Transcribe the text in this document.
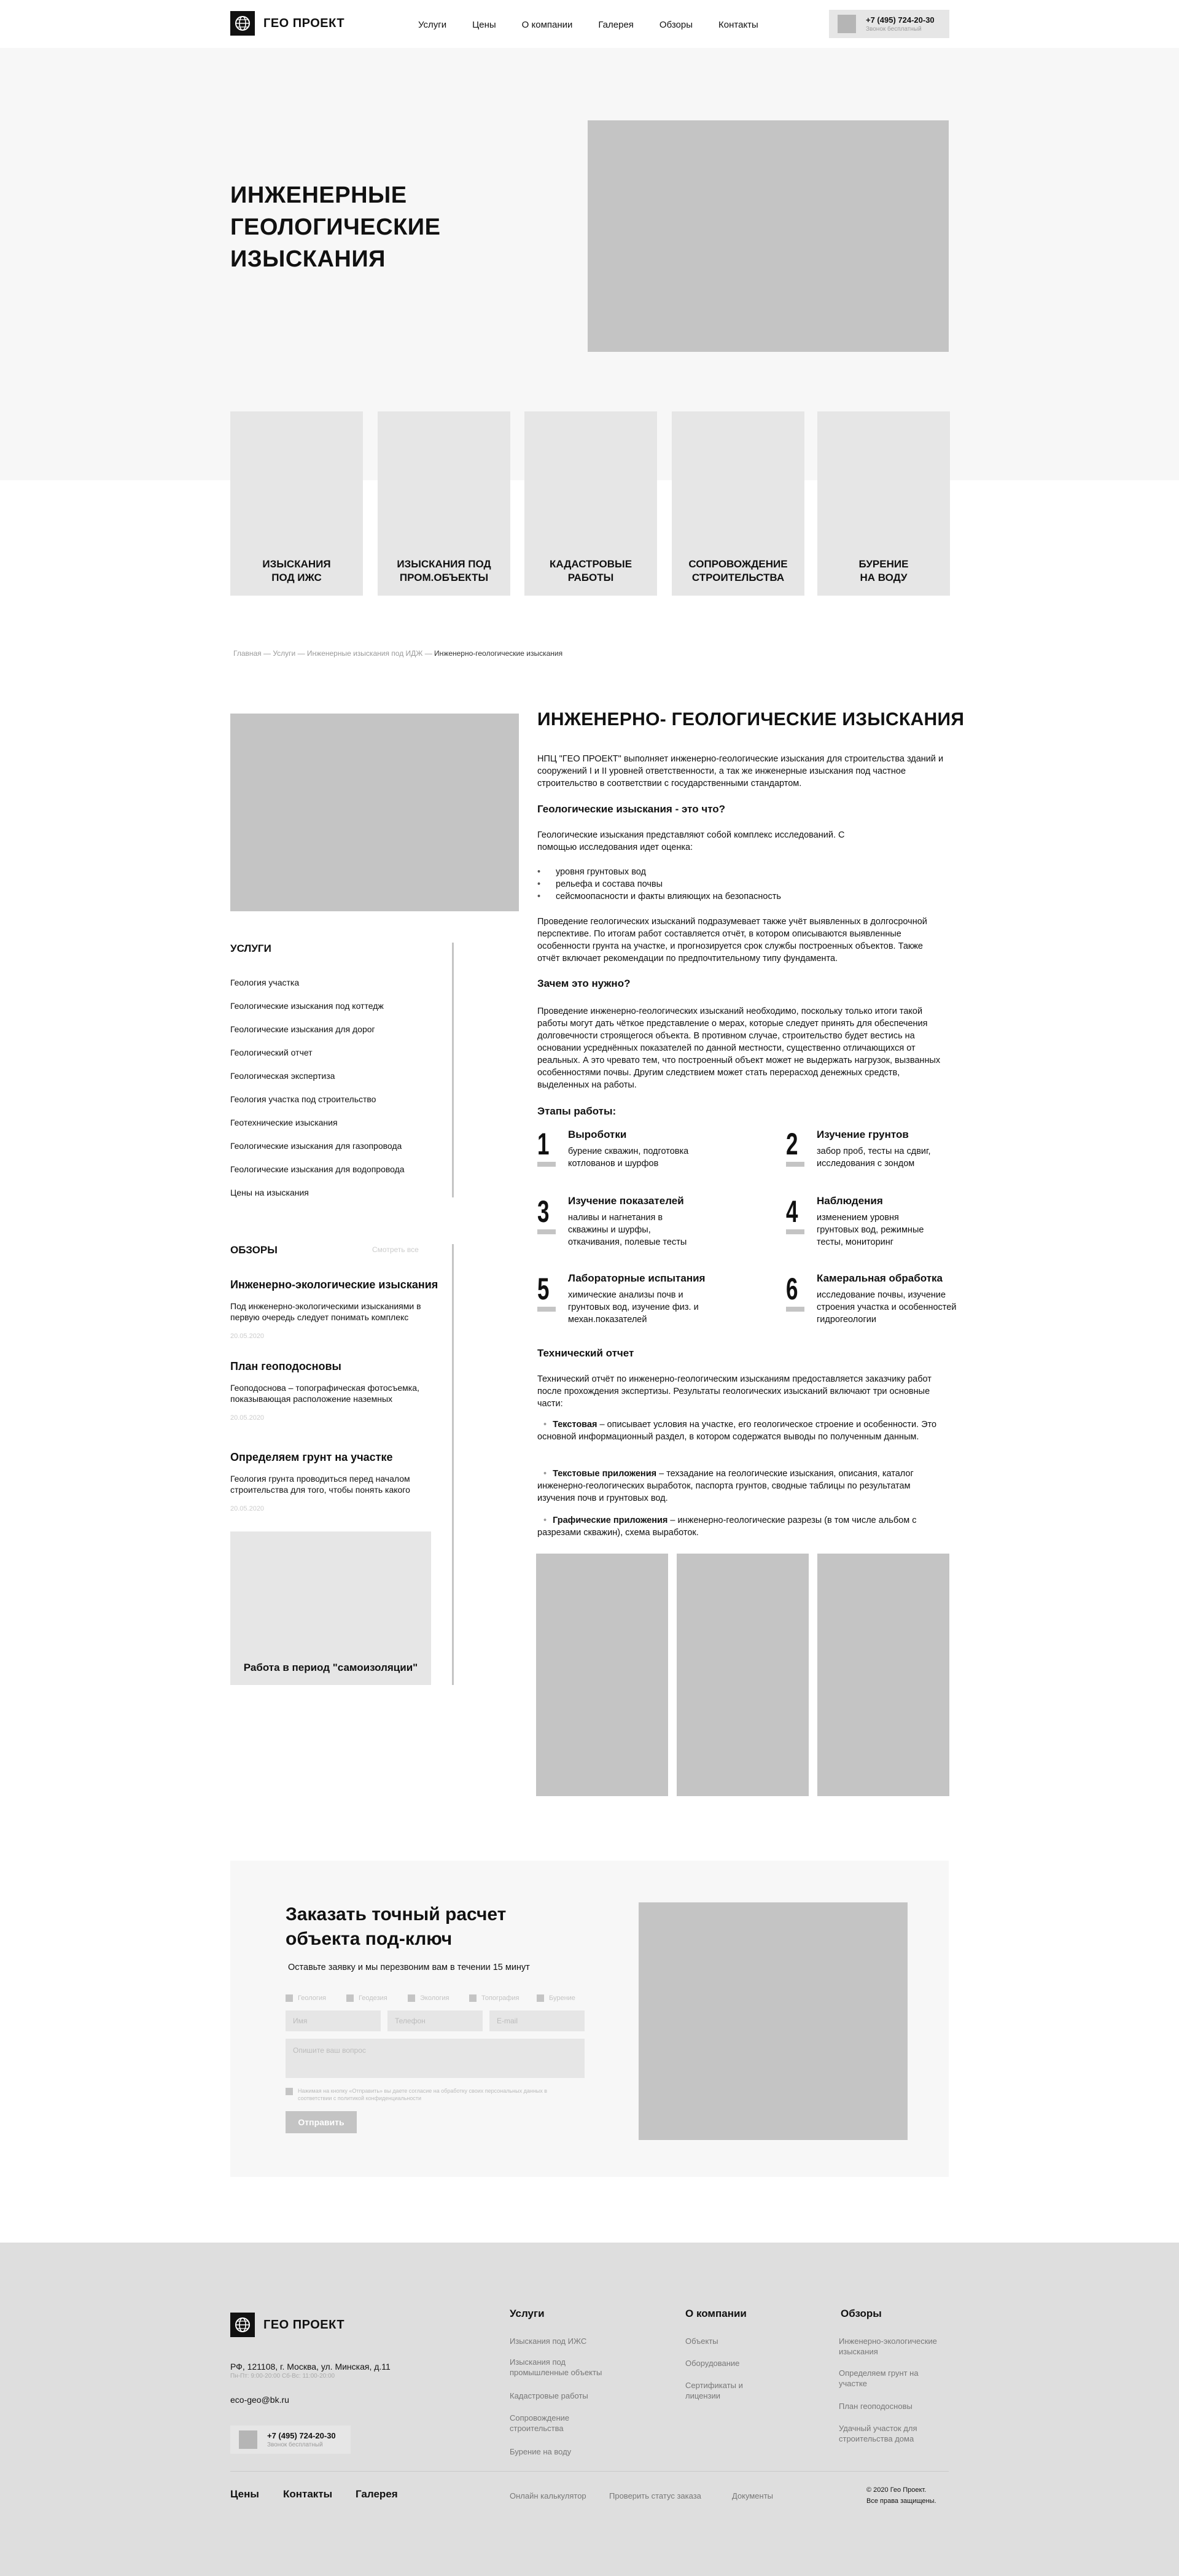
ГЕО ПРОЕКТ	Услуги	Цены	О компании	Галерея	Обзоры	Контакты	+7 (495) 724-20-30
Звонок бесплатный
ИНЖЕНЕРНЫЕ
ГЕОЛОГИЧЕСКИЕ
ИЗЫСКАНИЯ
ИЗЫСКАНИЯ
ПОД ИЖС
ИЗЫСКАНИЯ ПОД
ПРОМ.ОБЪЕКТЫ
КАДАСТРОВЫЕ
РАБОТЫ
СОПРОВОЖДЕНИЕ
СТРОИТЕЛЬСТВА
БУРЕНИЕ
НА ВОДУ
Главная — Услуги — Инженерные изыскания под ИДЖ — Инженерно-геологические изыскания
УСЛУГИ
Геология участка
Геологические изыскания под коттедж
Геологические изыскания для дорог
Геологический отчет
Геологическая экспертиза
Геология участка под строительство
Геотехнические изыскания
Геологические изыскания для газопровода
Геологические изыскания для водопровода
Цены на изыскания
ОБЗОРЫ	Смотреть все
Инженерно-экологические изыскания
Под инженерно-экологическими изысканиями в первую очередь следует понимать комплекс
20.05.2020
План геоподосновы
Геоподоснова – топографическая фотосъемка, показывающая расположение наземных
20.05.2020
Определяем грунт на участке
Геология грунта проводиться перед началом строительства для того, чтобы понять какого
20.05.2020
Работа в период "самоизоляции"
ИНЖЕНЕРНО- ГЕОЛОГИЧЕСКИЕ ИЗЫСКАНИЯ
НПЦ "ГЕО ПРОЕКТ" выполняет инженерно-геологические изыскания для строительства зданий и сооружений I и II уровней ответственности, а так же инженерные изыскания под частное строительство в соответствии с государственными стандартом.
Геологические изыскания - это что?
Геологические изыскания представляют собой комплекс исследований. С помощью исследования идет оценка:
• уровня грунтовых вод
• рельефа и состава почвы
• сейсмоопасности и факты влияющих на безопасность
Проведение геологических изысканий подразумевает также учёт выявленных в долгосрочной перспективе. По итогам работ составляется отчёт, в котором описываются выявленные особенности грунта на участке, и прогнозируется срок службы построенных объектов. Также отчёт включает рекомендации по предпочтительному типу фундамента.
Зачем это нужно?
Проведение инженерно-геологических изысканий необходимо, поскольку только итоги такой работы могут дать чёткое представление о мерах, которые следует принять для обеспечения долговечности строящегося объекта. В противном случае, строительство будет вестись на основании усреднённых показателей по данной местности, существенно отличающихся от реальных. А это чревато тем, что построенный объект может не выдержать нагрузок, вызванных особенностями почвы. Другим следствием может стать перерасход денежных средств, выделенных на работы.
Этапы работы:
1 Выроботки
бурение скважин, подготовка котлованов и шурфов
2 Изучение грунтов
забор проб, тесты на сдвиг, исследования с зондом
3 Изучение показателей
наливы и нагнетания в скважины и шурфы, откачивания, полевые тесты
4 Наблюдения
изменением уровня грунтовых вод, режимные тесты, мониторинг
5 Лабораторные испытания
химические анализы почв и грунтовых вод, изучение физ. и механ.показателей
6 Камеральная обработка
исследование почвы, изучение строения участка и особенностей гидрогеологии
Технический отчет
Технический отчёт по инженерно-геологическим изысканиям предоставляется заказчику работ после прохождения экспертизы. Результаты геологических изысканий включают три основные части:
• Текстовая – описывает условия на участке, его геологическое строение и особенности. Это основной информационный раздел, в котором содержатся выводы по полученным данным.
• Текстовые приложения – техзадание на геологические изыскания, описания, каталог инженерно-геологических выработок, паспорта грунтов, сводные таблицы по результатам изучения почв и грунтовых вод.
• Графические приложения – инженерно-геологические разрезы (в том числе альбом с разрезами скважин), схема выработок.
Заказать точный расчет
объекта под-ключ
Оставьте заявку и мы перезвоним вам в течении 15 минут
Геология	Геодезия	Экология	Топография	Бурение
Имя	Телефон	E-mail
Опишите ваш вопрос
Нажимая на кнопку «Отправить» вы даете согласие на обработку своих персональных данных в соответствии с политикой конфиденциальности
Отправить
ГЕО ПРОЕКТ
РФ, 121108, г. Москва, ул. Минская, д.11
Пн-Пт: 9:00-20:00 Сб-Вс: 11:00-20:00
eco-geo@bk.ru
+7 (495) 724-20-30
Звонок бесплатный
Услуги
Изыскания под ИЖС
Изыскания под промышленные объекты
Кадастровые работы
Сопровождение строительства
Бурение на воду
О компании
Объекты
Оборудование
Сертификаты и лицензии
Обзоры
Инженерно-экологические изыскания
Определяем грунт на участке
План геоподосновы
Удачный участок для строительства дома
Цены Контакты Галерея	Онлайн калькулятор	Проверить статус заказа	Документы
© 2020 Гео Проект.
Все права защищены.
